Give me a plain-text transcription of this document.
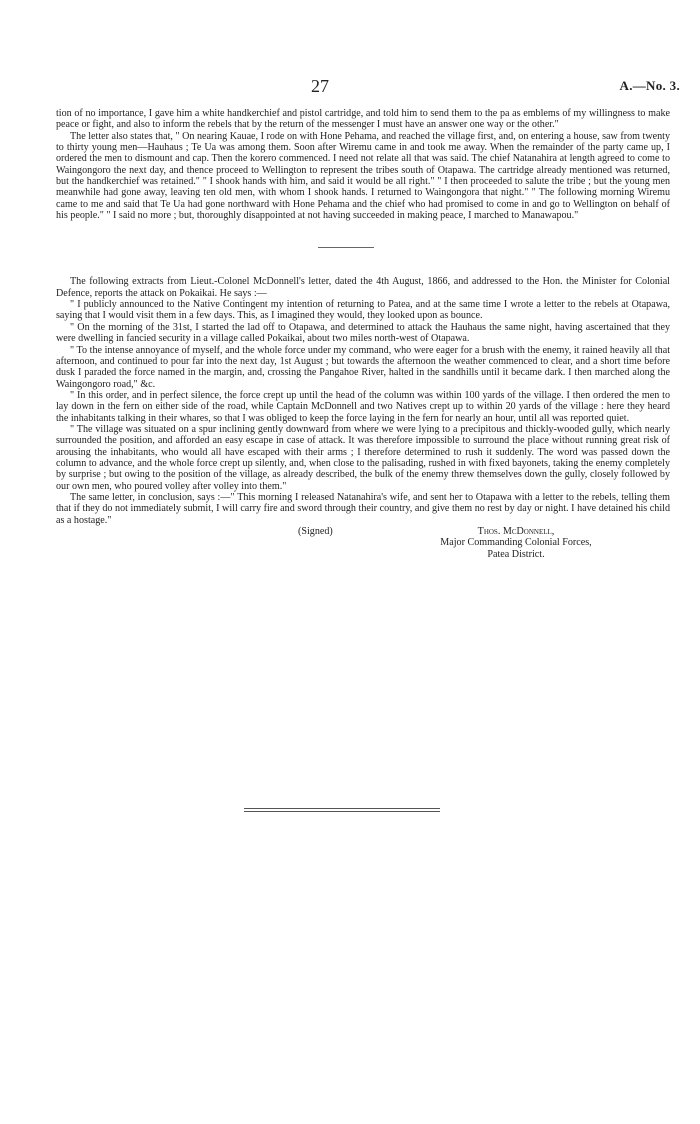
27	A.—No. 3.

tion of no importance, I gave him a white handkerchief and pistol cartridge, and told him to send them to the pa as emblems of my willingness to make peace or fight, and also to inform the rebels that by the return of the messenger I must have an answer one way or the other."

The letter also states that, " On nearing Kauae, I rode on with Hone Pehama, and reached the village first, and, on entering a house, saw from twenty to thirty young men—Hauhaus ; Te Ua was among them. Soon after Wiremu came in and took me away. When the remainder of the party came up, I ordered the men to dismount and cap. Then the korero commenced. I need not relate all that was said. The chief Natanahira at length agreed to come to Waingongoro the next day, and thence proceed to Wellington to represent the tribes south of Otapawa. The cartridge already mentioned was returned, but the handkerchief was retained." " I shook hands with him, and said it would be all right." " I then proceeded to salute the tribe ; but the young men meanwhile had gone away, leaving ten old men, with whom I shook hands. I returned to Waingongora that night." " The following morning Wiremu came to me and said that Te Ua had gone northward with Hone Pehama and the chief who had promised to come in and go to Wellington on behalf of his people." " I said no more ; but, thoroughly disappointed at not having succeeded in making peace, I marched to Manawapou."

The following extracts from Lieut.-Colonel McDonnell's letter, dated the 4th August, 1866, and addressed to the Hon. the Minister for Colonial Defence, reports the attack on Pokaikai. He says :—

" I publicly announced to the Native Contingent my intention of returning to Patea, and at the same time I wrote a letter to the rebels at Otapawa, saying that I would visit them in a few days. This, as I imagined they would, they looked upon as bounce.

" On the morning of the 31st, I started the lad off to Otapawa, and determined to attack the Hauhaus the same night, having ascertained that they were dwelling in fancied security in a village called Pokaikai, about two miles north-west of Otapawa.

" To the intense annoyance of myself, and the whole force under my command, who were eager for a brush with the enemy, it rained heavily all that afternoon, and continued to pour far into the next day, 1st August ; but towards the afternoon the weather commenced to clear, and a short time before dusk I paraded the force named in the margin, and, crossing the Pangahoe River, halted in the sandhills until it became dark. I then marched along the Waingongoro road," &c.

" In this order, and in perfect silence, the force crept up until the head of the column was within 100 yards of the village. I then ordered the men to lay down in the fern on either side of the road, while Captain McDonnell and two Natives crept up to within 20 yards of the village : here they heard the inhabitants talking in their whares, so that I was obliged to keep the force laying in the fern for nearly an hour, until all was reported quiet.

" The village was situated on a spur inclining gently downward from where we were lying to a precipitous and thickly-wooded gully, which nearly surrounded the position, and afforded an easy escape in case of attack. It was therefore impossible to surround the place without running great risk of arousing the inhabitants, who would all have escaped with their arms ; I therefore determined to rush it suddenly. The word was passed down the column to advance, and the whole force crept up silently, and, when close to the palisading, rushed in with fixed bayonets, taking the enemy completely by surprise ; but owing to the position of the village, as already described, the bulk of the enemy threw themselves down the gully, closely followed by our own men, who poured volley after volley into them."

The same letter, in conclusion, says :—" This morning I released Natanahira's wife, and sent her to Otapawa with a letter to the rebels, telling them that if they do not immediately submit, I will carry fire and sword through their country, and give them no rest by day or night. I have detained his child as a hostage."

(Signed)	Thos. McDonnell,
Major Commanding Colonial Forces,
Patea District.
